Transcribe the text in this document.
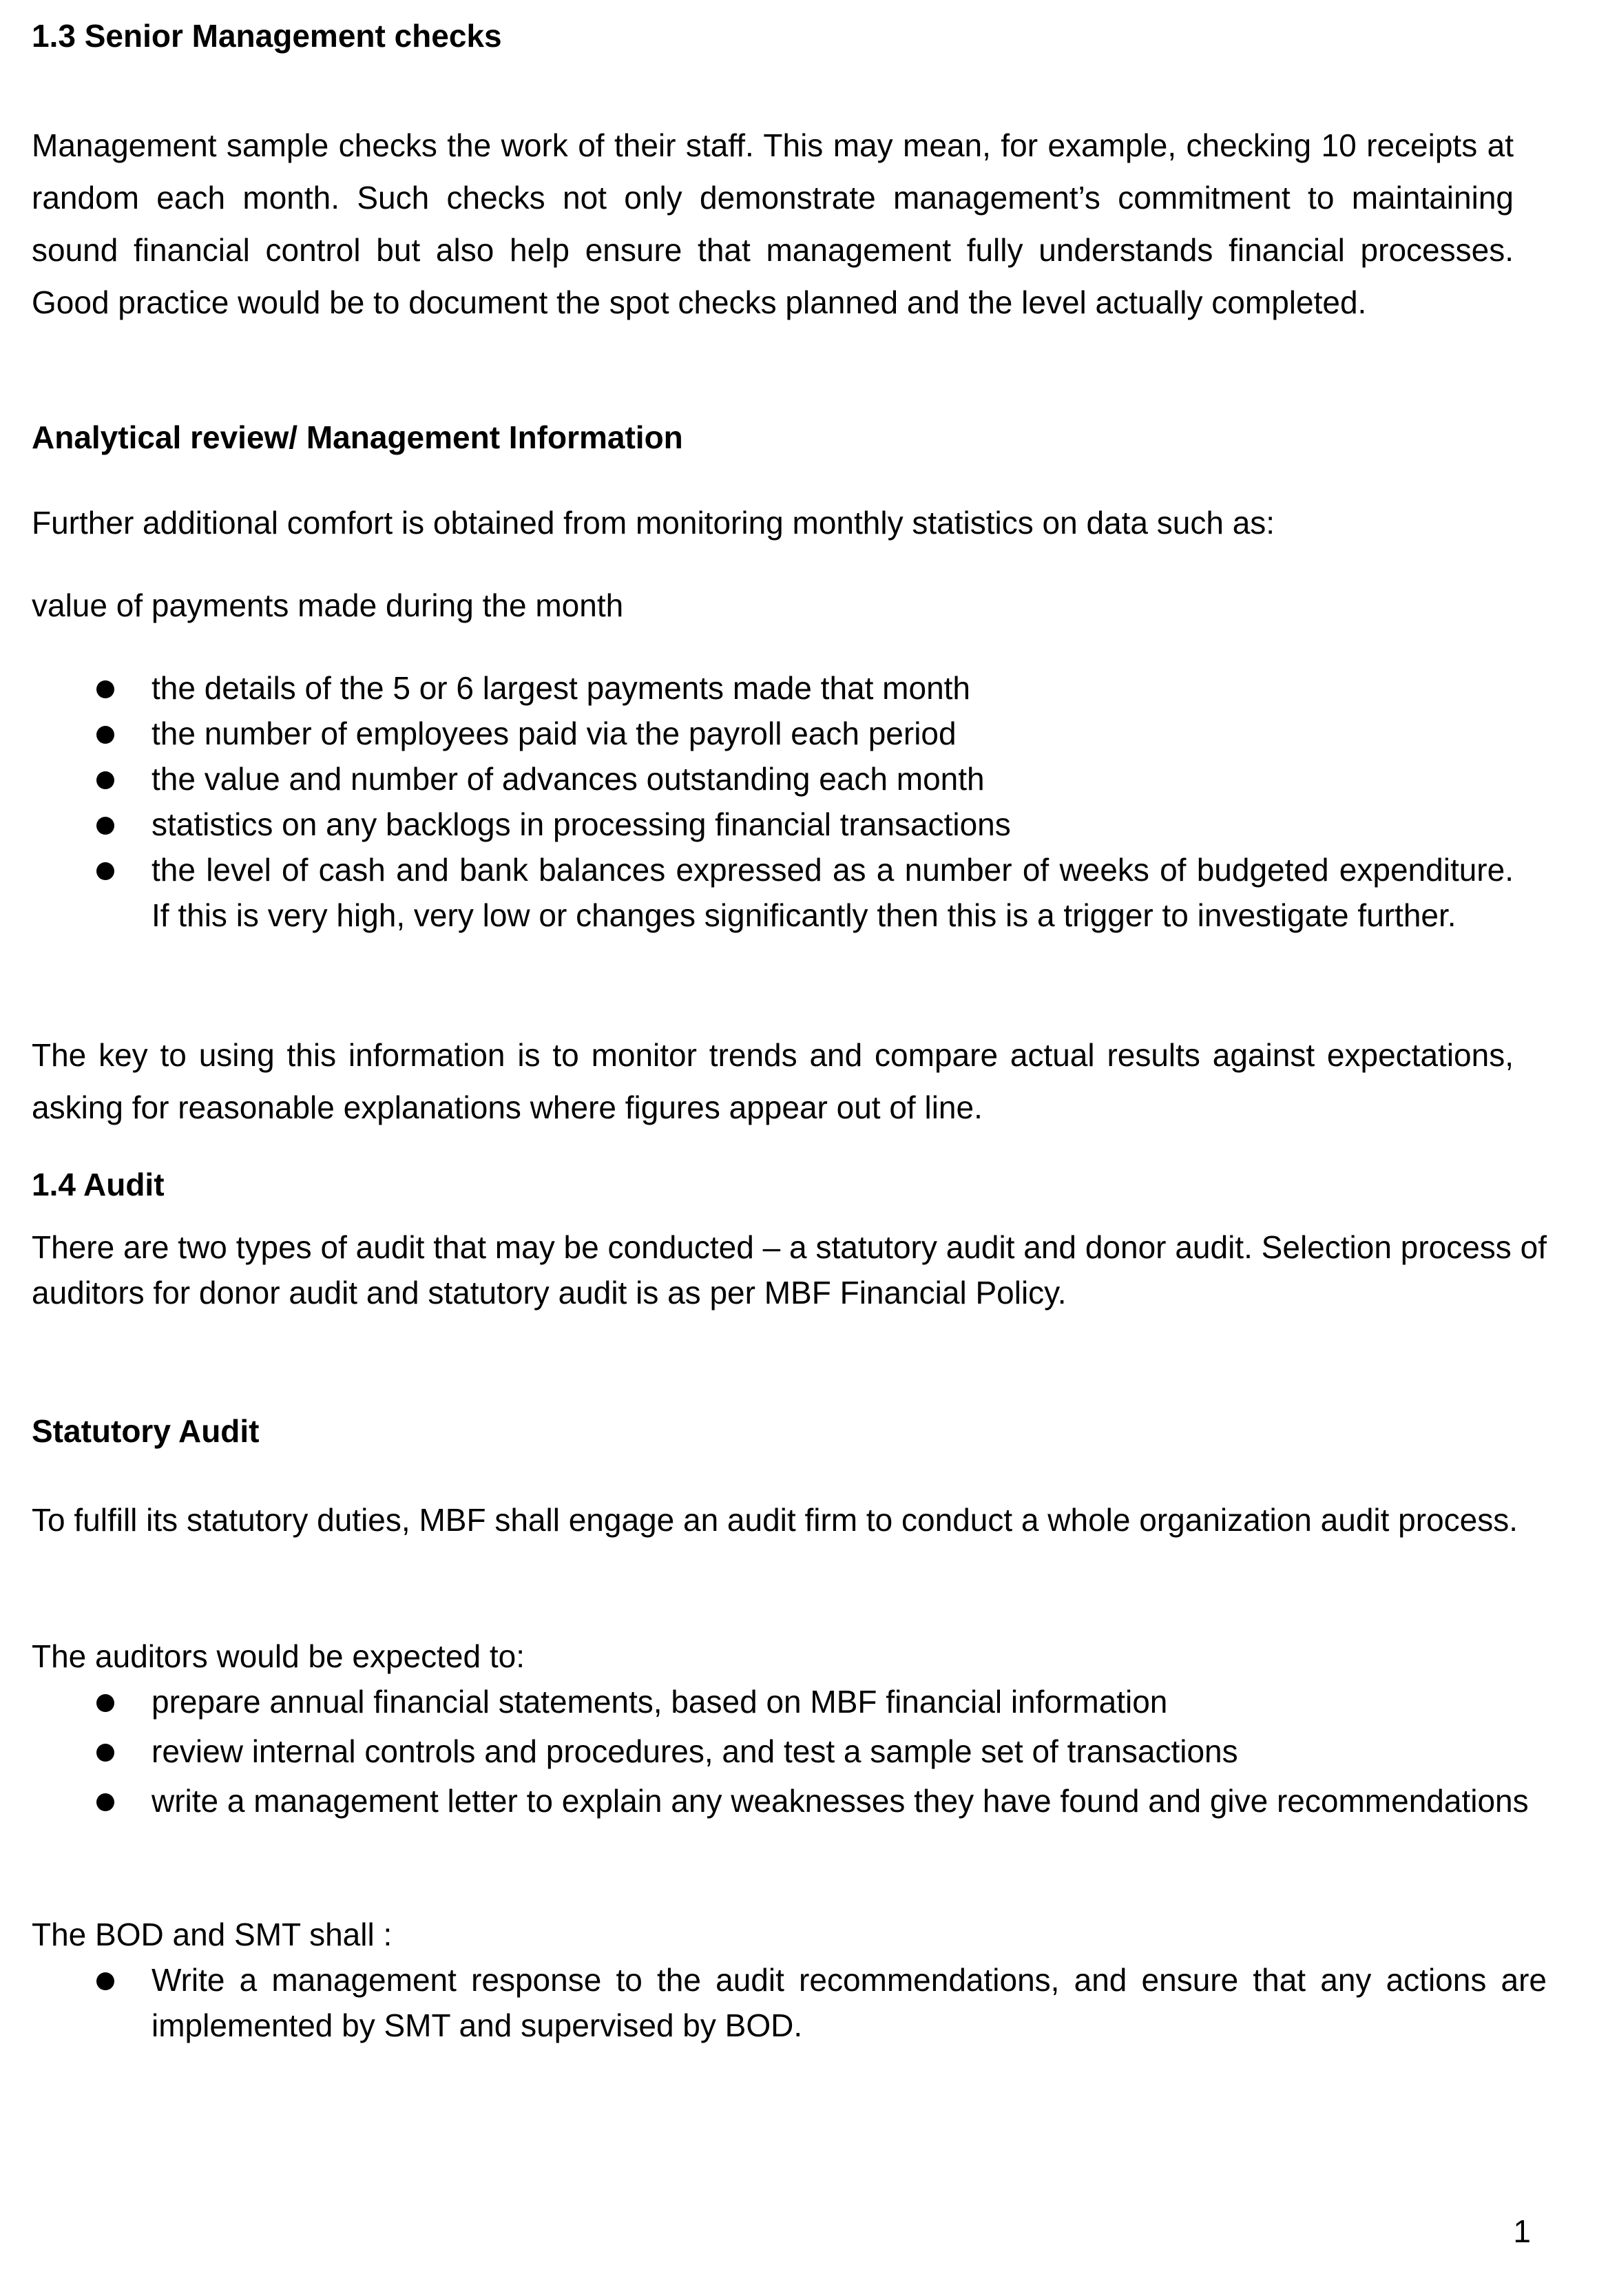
1.3 Senior Management checks

Management sample checks the work of their staff. This may mean, for example, checking 10 receipts at random each month. Such checks not only demonstrate management’s commitment to maintaining sound financial control but also help ensure that management fully understands financial processes. Good practice would be to document the spot checks planned and the level actually completed.

Analytical review/ Management Information

Further additional comfort is obtained from monitoring monthly statistics on data such as:

value of payments made during the month

the details of the 5 or 6 largest payments made that month
the number of employees paid via the payroll each period
the value and number of advances outstanding each month
statistics on any backlogs in processing financial transactions
the level of cash and bank balances expressed as a number of weeks of budgeted expenditure. If this is very high, very low or changes significantly then this is a trigger to investigate further.

The key to using this information is to monitor trends and compare actual results against expectations, asking for reasonable explanations where figures appear out of line.

1.4 Audit

There are two types of audit that may be conducted – a statutory audit and donor audit. Selection process of auditors for donor audit and statutory audit is as per MBF Financial Policy.

Statutory Audit

To fulfill its statutory duties, MBF shall engage an audit firm to conduct a whole organization audit process.

The auditors would be expected to:

prepare annual financial statements, based on MBF financial information
review internal controls and procedures, and test a sample set of transactions
write a management letter to explain any weaknesses they have found and give recommendations

The BOD and SMT shall :

Write a management response to the audit recommendations, and ensure that any actions are implemented by SMT and supervised by BOD.
1
